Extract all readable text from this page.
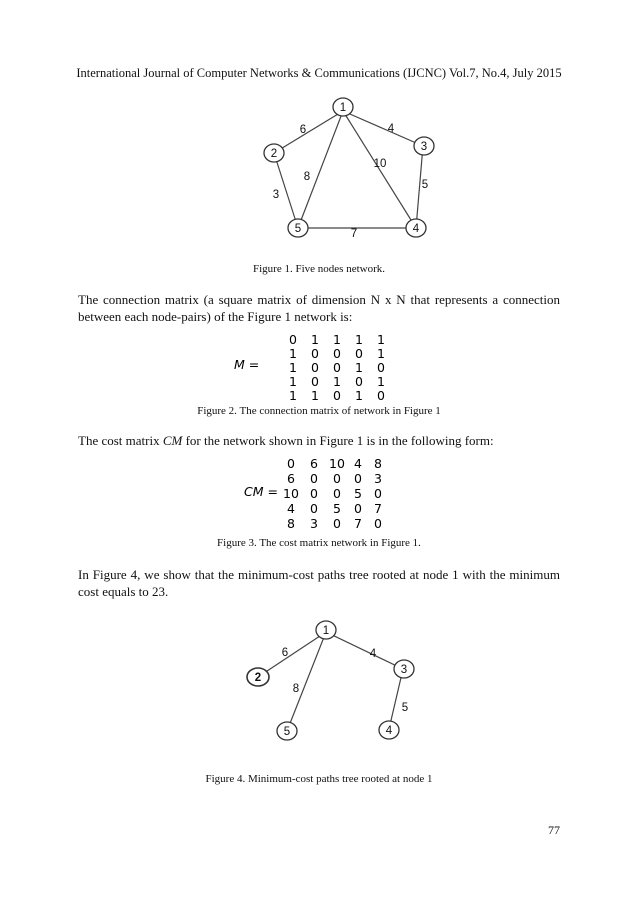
International Journal of Computer Networks & Communications (IJCNC) Vol.7, No.4, July 2015
1
2
3
4
5
6	4
10
8
3
5
7
Figure 1. Five nodes network.
The connection matrix (a square matrix of dimension N x N that represents a connection between each node-pairs) of the Figure 1 network is:
M =
0 1 1 1 1
1 0 0 0 1
1 0 0 1 0
1 0 1 0 1
1 1 0 1 0
Figure 2. The connection matrix of network in Figure 1
The cost matrix CM for the network shown in Figure 1 is in the following form:
CM =
0 6 10 4 8
6 0 0 0 3
10 0 0 5 0
4 0 5 0 7
8 3 0 7 0
Figure 3. The cost matrix network in Figure 1.
In Figure 4, we show that the minimum-cost paths tree rooted at node 1 with the minimum cost equals to 23.
1
2
3
4
5
6	4
8
5
Figure 4. Minimum-cost paths tree rooted at node 1
77
